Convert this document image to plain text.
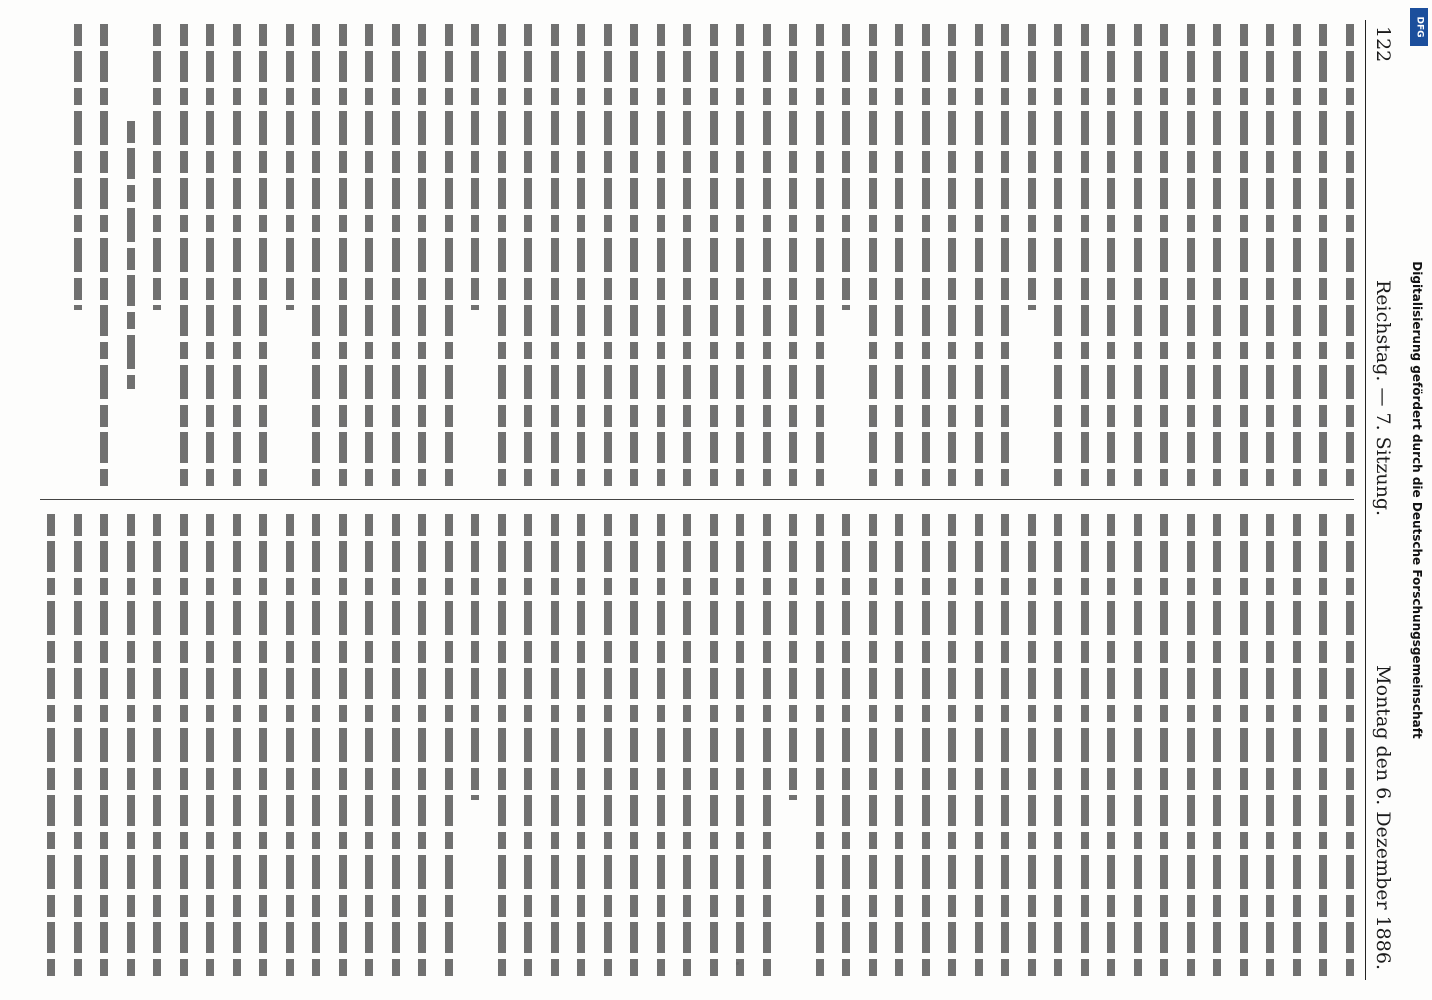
122
Reichstag. — 7. Sitzung.
Montag den 6. Dezember 1886.
Digitalisierung gefördert durch die Deutsche Forschungsgemeinschaft
DFG
